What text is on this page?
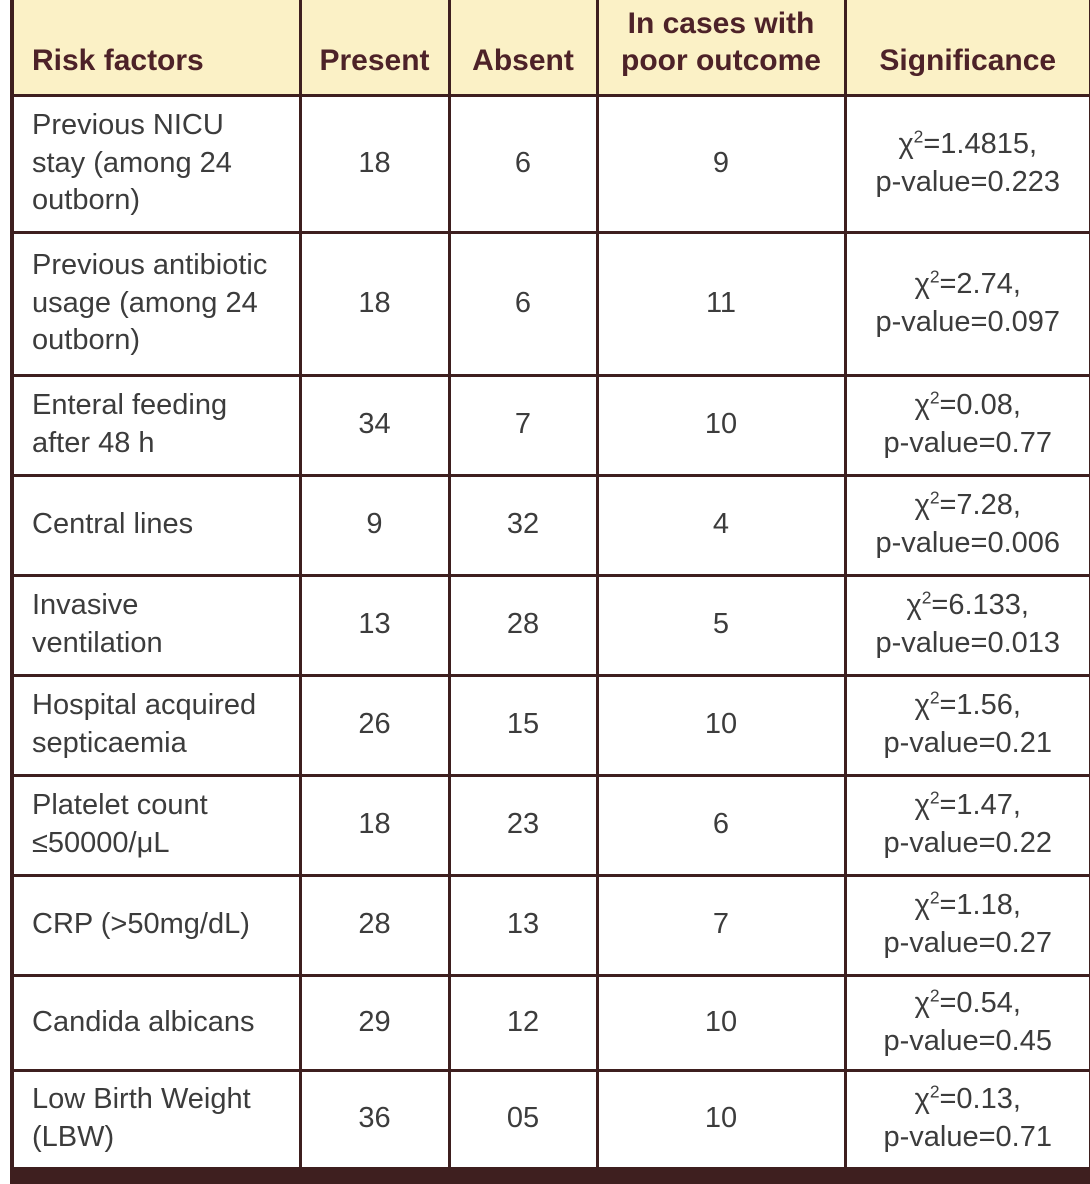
Risk factors	Present	Absent	In cases with poor outcome	Significance
Previous NICU stay (among 24 outborn)	18	6	9	$\chi^2=1.4815$,
p-value=0.223

Previous antibiotic usage (among 24 outborn)	18	6	11	$\chi^2=2.74$,
p-value=0.097

Enteral feeding after 48 h	34	7	10	$\chi^2=0.08$,
p-value=0.77

Central lines	9	32	4	$\chi^2=7.28$,
p-value=0.006

Invasive ventilation	13	28	5	$\chi^2=6.133$,
p-value=0.013

Hospital acquired septicaemia	26	15	10	$\chi^2=1.56$,
p-value=0.21

Platelet count ≤50000/μL	18	23	6	$\chi^2=1.47$,
p-value=0.22

CRP (>50mg/dL)	28	13	7	$\chi^2=1.18$,
p-value=0.27

Candida albicans	29	12	10	$\chi^2=0.54$,
p-value=0.45

Low Birth Weight (LBW)	36	05	10	$\chi^2=0.13$,
p-value=0.71
